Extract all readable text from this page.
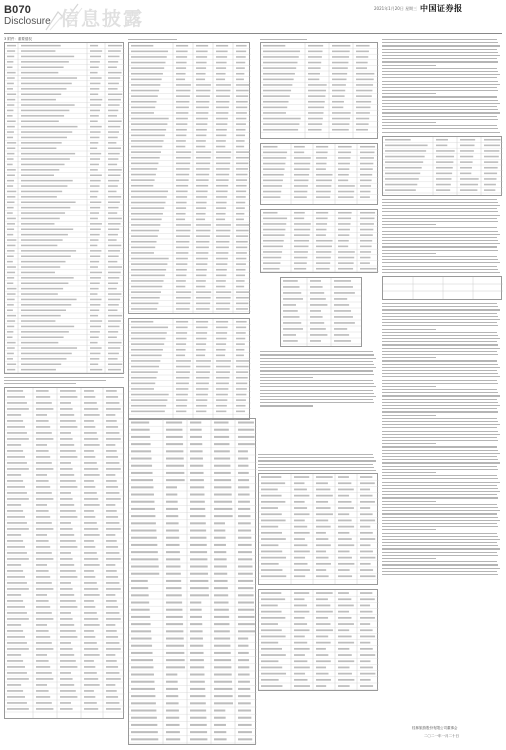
B070
Disclosure 信息披露	2021年1月20日 星期三 中国证券报
3 附件：重要债权
桂林旅游股份有限公司董事会
二〇二一年一月二十日
